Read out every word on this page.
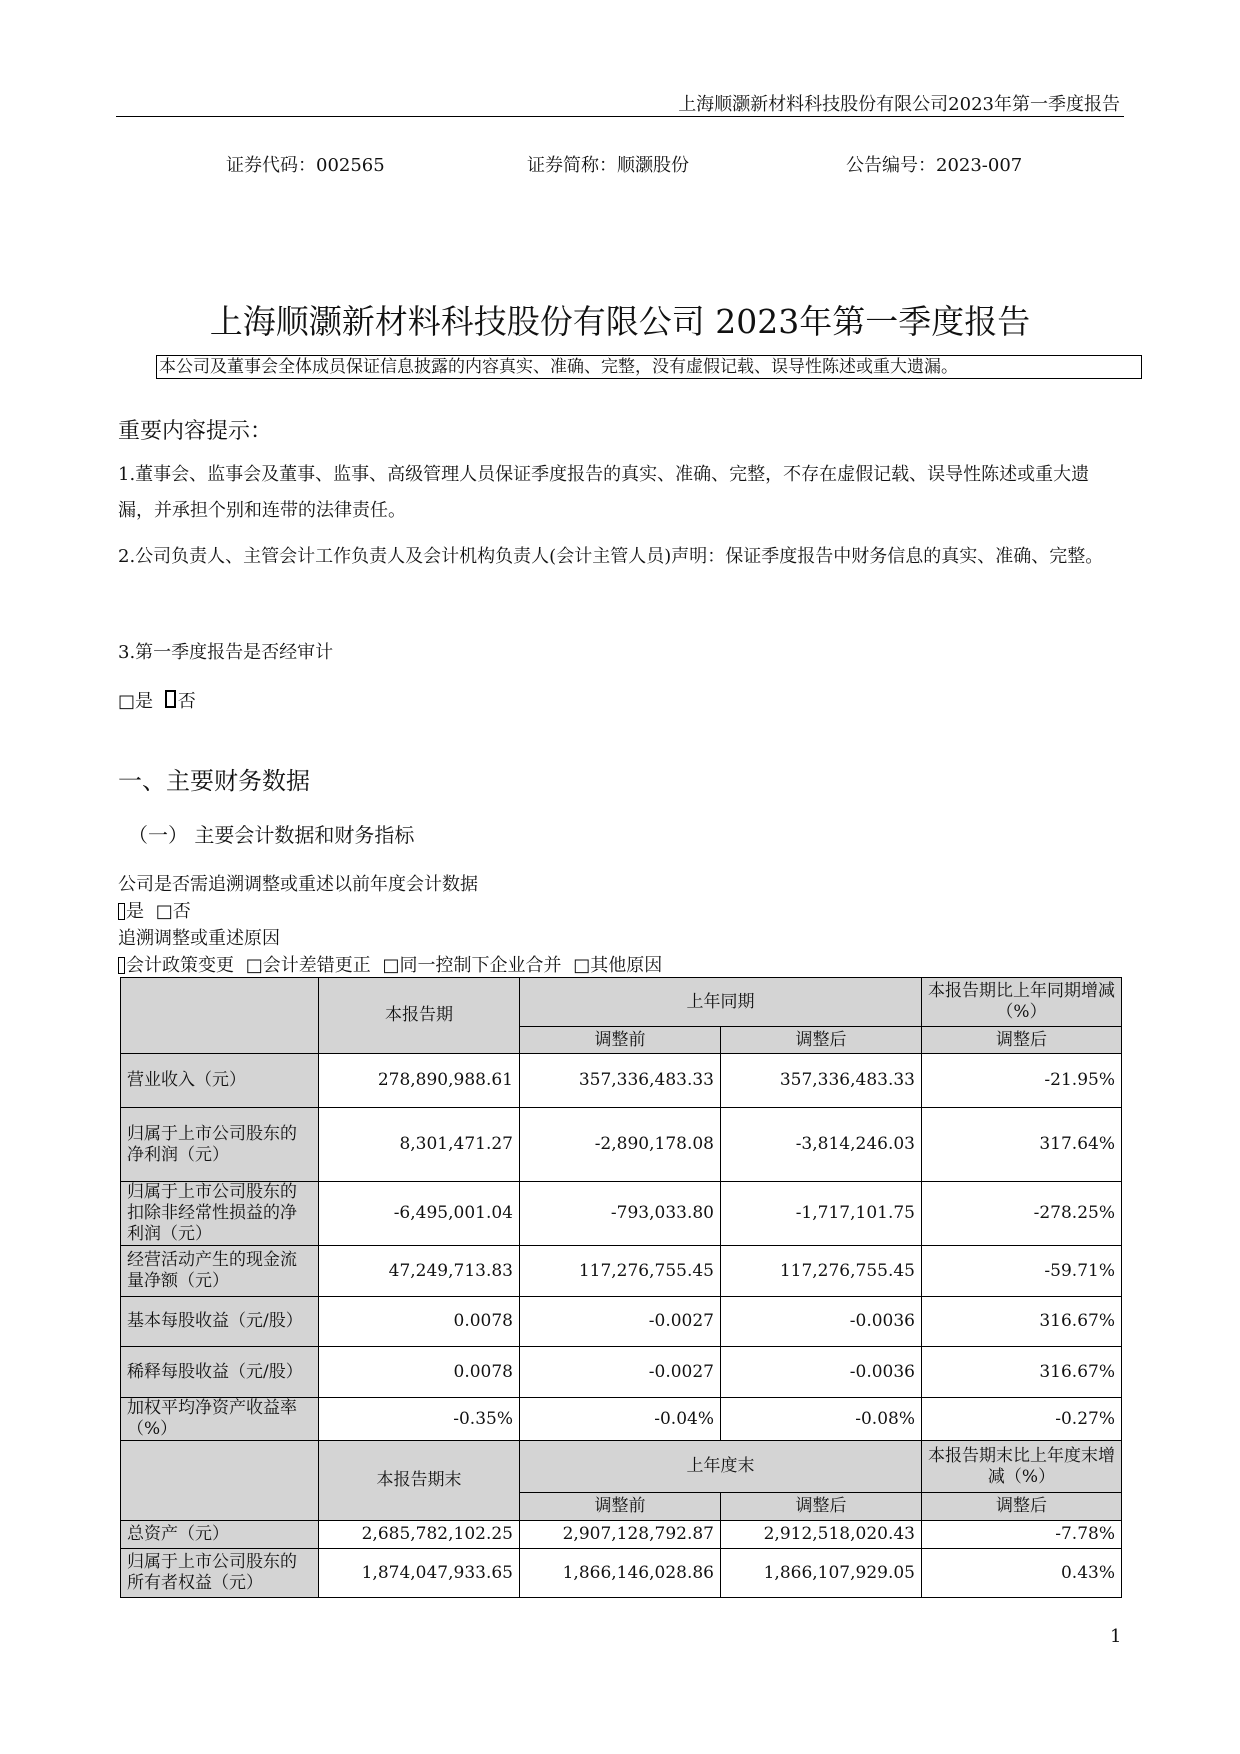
上海顺灏新材料科技股份有限公司2023年第一季度报告
证券代码：002565	证券简称：顺灏股份	公告编号：2023-007
上海顺灏新材料科技股份有限公司 2023年第一季度报告
本公司及董事会全体成员保证信息披露的内容真实、准确、完整，没有虚假记载、误导性陈述或重大遗漏。
重要内容提示：
1.董事会、监事会及董事、监事、高级管理人员保证季度报告的真实、准确、完整，不存在虚假记载、误导性陈述或重大遗
漏，并承担个别和连带的法律责任。
2.公司负责人、主管会计工作负责人及会计机构负责人(会计主管人员)声明：保证季度报告中财务信息的真实、准确、完整。
3.第一季度报告是否经审计
□是 否
一、主要财务数据
（一） 主要会计数据和财务指标
公司是否需追溯调整或重述以前年度会计数据
是 □否
追溯调整或重述原因
会计政策变更 □会计差错更正 □同一控制下企业合并 □其他原因
	本报告期	上年同期		本报告期比上年同期增减（%）
		调整前	调整后	调整后
营业收入（元）	278,890,988.61	357,336,483.33	357,336,483.33	-21.95%
归属于上市公司股东的净利润（元）	8,301,471.27	-2,890,178.08	-3,814,246.03	317.64%
归属于上市公司股东的扣除非经常性损益的净利润（元）	-6,495,001.04	-793,033.80	-1,717,101.75	-278.25%
经营活动产生的现金流量净额（元）	47,249,713.83	117,276,755.45	117,276,755.45	-59.71%
基本每股收益（元/股）	0.0078	-0.0027	-0.0036	316.67%
稀释每股收益（元/股）	0.0078	-0.0027	-0.0036	316.67%
加权平均净资产收益率（%）	-0.35%	-0.04%	-0.08%	-0.27%
	本报告期末	上年度末		本报告期末比上年度末增减（%）
		调整前	调整后	调整后
总资产（元）	2,685,782,102.25	2,907,128,792.87	2,912,518,020.43	-7.78%
归属于上市公司股东的所有者权益（元）	1,874,047,933.65	1,866,146,028.86	1,866,107,929.05	0.43%
1
